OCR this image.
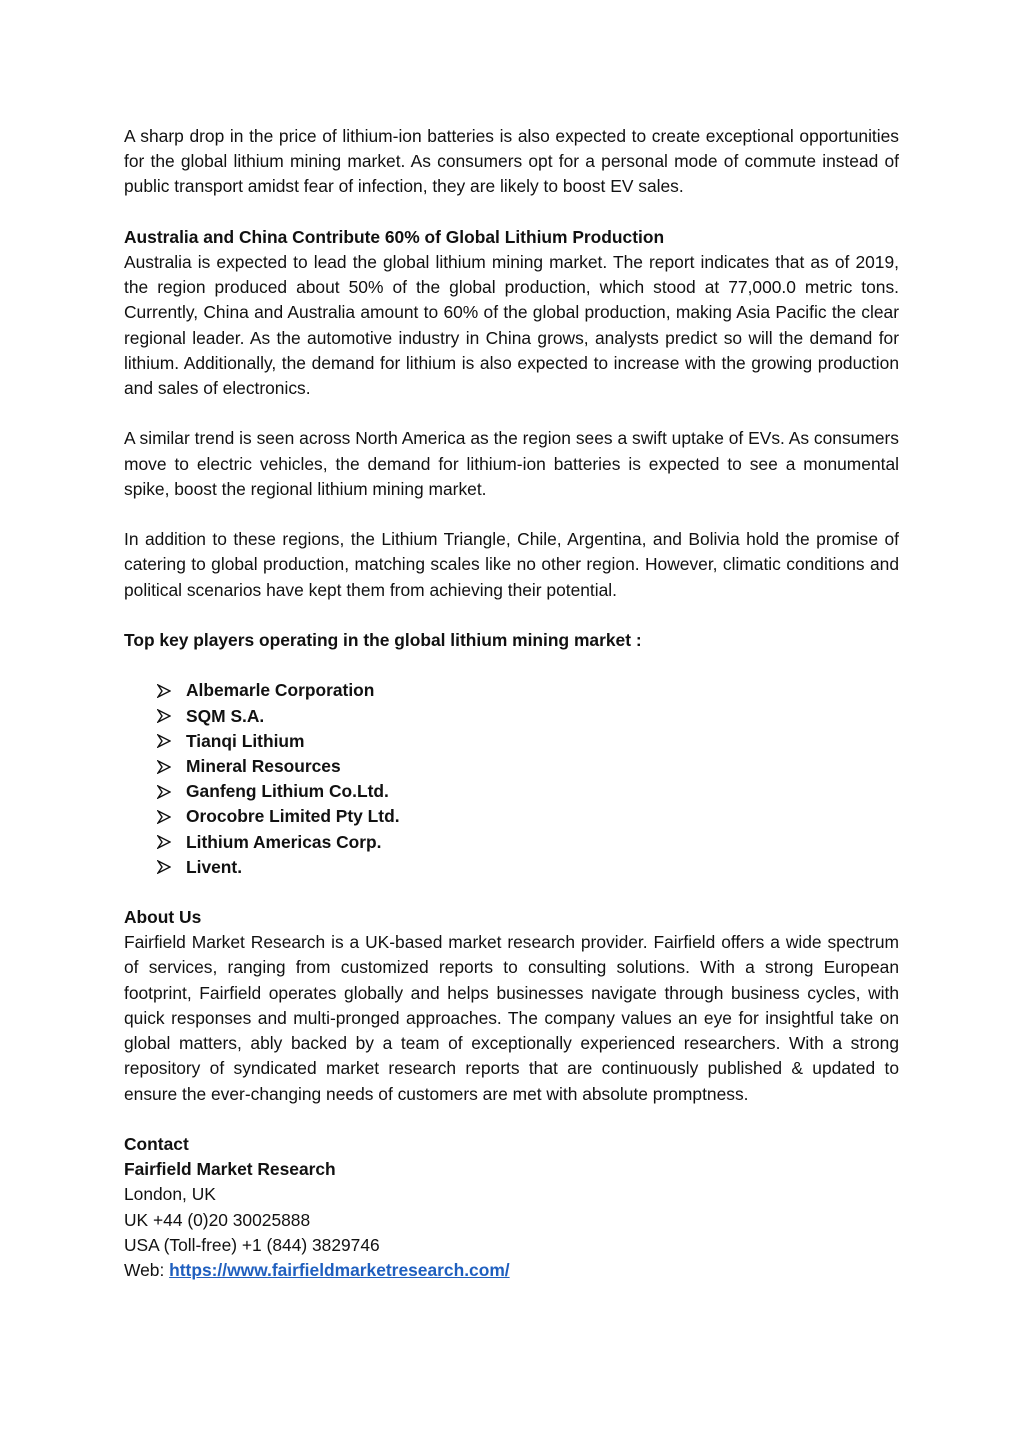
A sharp drop in the price of lithium-ion batteries is also expected to create exceptional opportunities for the global lithium mining market. As consumers opt for a personal mode of commute instead of public transport amidst fear of infection, they are likely to boost EV sales.

Australia and China Contribute 60% of Global Lithium Production

Australia is expected to lead the global lithium mining market. The report indicates that as of 2019, the region produced about 50% of the global production, which stood at 77,000.0 metric tons. Currently, China and Australia amount to 60% of the global production, making Asia Pacific the clear regional leader. As the automotive industry in China grows, analysts predict so will the demand for lithium. Additionally, the demand for lithium is also expected to increase with the growing production and sales of electronics.

A similar trend is seen across North America as the region sees a swift uptake of EVs. As consumers move to electric vehicles, the demand for lithium-ion batteries is expected to see a monumental spike, boost the regional lithium mining market.

In addition to these regions, the Lithium Triangle, Chile, Argentina, and Bolivia hold the promise of catering to global production, matching scales like no other region. However, climatic conditions and political scenarios have kept them from achieving their potential.

Top key players operating in the global lithium mining market :

Albemarle Corporation
SQM S.A.
Tianqi Lithium
Mineral Resources
Ganfeng Lithium Co.Ltd.
Orocobre Limited Pty Ltd.
Lithium Americas Corp.
Livent.

About Us

Fairfield Market Research is a UK-based market research provider. Fairfield offers a wide spectrum of services, ranging from customized reports to consulting solutions. With a strong European footprint, Fairfield operates globally and helps businesses navigate through business cycles, with quick responses and multi-pronged approaches. The company values an eye for insightful take on global matters, ably backed by a team of exceptionally experienced researchers. With a strong repository of syndicated market research reports that are continuously published & updated to ensure the ever-changing needs of customers are met with absolute promptness.

Contact

Fairfield Market Research

London, UK

UK +44 (0)20 30025888

USA (Toll-free) +1 (844) 3829746

Web: https://www.fairfieldmarketresearch.com/
